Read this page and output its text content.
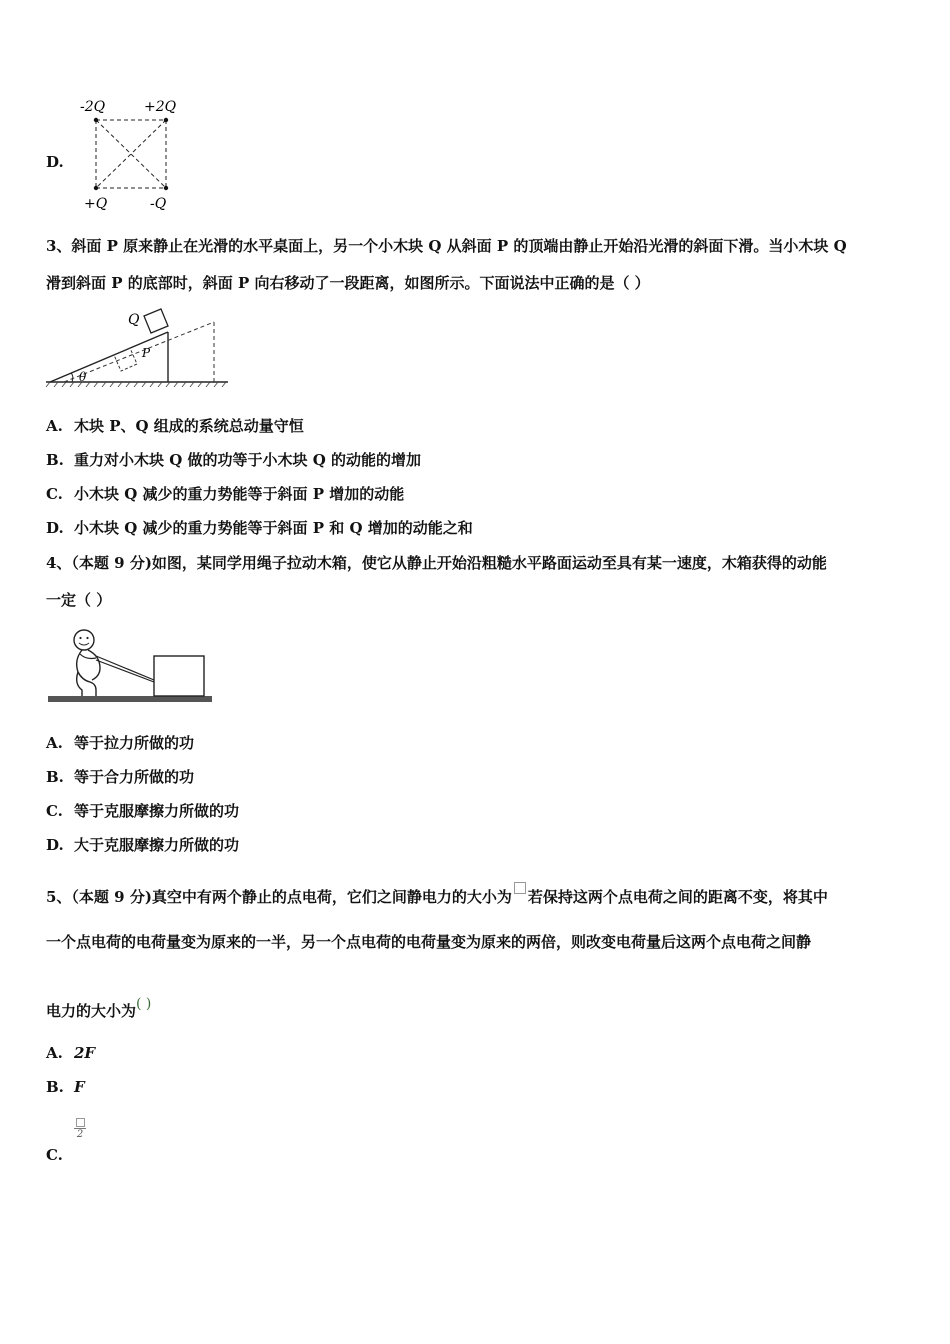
D.
-2Q	+2Q
+Q	-Q
3、斜面 P 原来静止在光滑的水平桌面上，另一个小木块 Q 从斜面 P 的顶端由静止开始沿光滑的斜面下滑。当小木块 Q
滑到斜面 P 的底部时，斜面 P 向右移动了一段距离，如图所示。下面说法中正确的是（ ）
Q
P
θ
A. 木块 P、Q 组成的系统总动量守恒
B. 重力对小木块 Q 做的功等于小木块 Q 的动能的增加
C. 小木块 Q 减少的重力势能等于斜面 P 增加的动能
D. 小木块 Q 减少的重力势能等于斜面 P 和 Q 增加的动能之和
4、（本题 9 分)如图，某同学用绳子拉动木箱，使它从静止开始沿粗糙水平路面运动至具有某一速度，木箱获得的动能
一定（ ）
A. 等于拉力所做的功
B. 等于合力所做的功
C. 等于克服摩擦力所做的功
D. 大于克服摩擦力所做的功
5、（本题 9 分)真空中有两个静止的点电荷，它们之间静电力的大小为 若保持这两个点电荷之间的距离不变，将其中
一个点电荷的电荷量变为原来的一半，另一个点电荷的电荷量变为原来的两倍，则改变电荷量后这两个点电荷之间静
电力的大小为( )
A. 2F
B. F
C.
2
